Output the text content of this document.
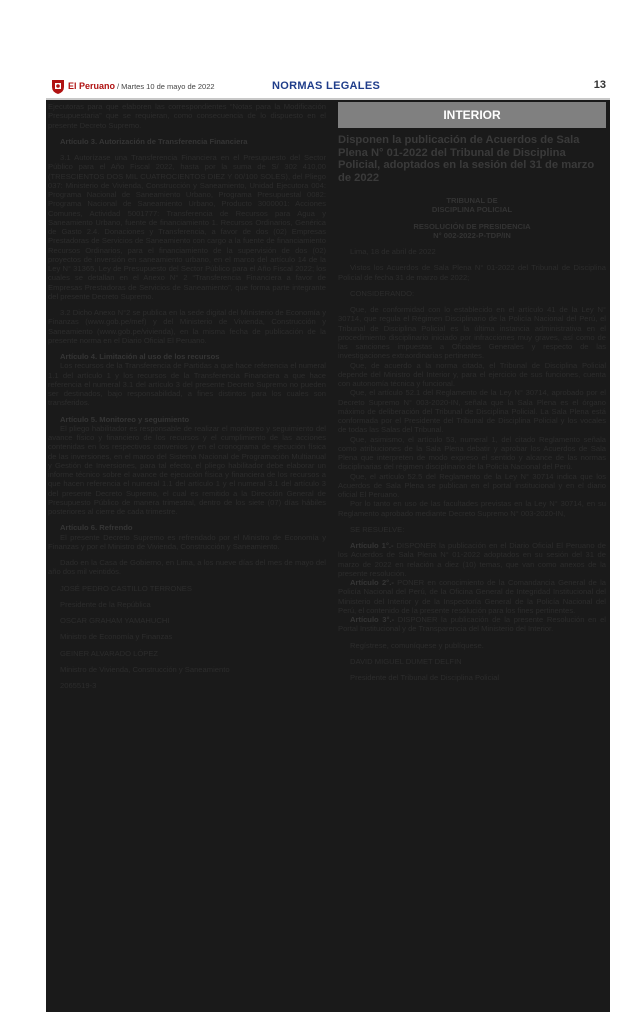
El Peruano / Martes 10 de mayo de 2022	NORMAS LEGALES	13

Ejecutoras para que elaboren las correspondientes “Notas para la Modificación Presupuestaria” que se requieran, como consecuencia de lo dispuesto en el presente Decreto Supremo.

Artículo 3. Autorización de Transferencia Financiera

3.1 Autorízase una Transferencia Financiera en el Presupuesto del Sector Público para el Año Fiscal 2022, hasta por la suma de S/ 302 410,00 (TRESCIENTOS DOS MIL CUATROCIENTOS DIEZ Y 00/100 SOLES), del Pliego 037: Ministerio de Vivienda, Construcción y Saneamiento, Unidad Ejecutora 004: Programa Nacional de Saneamiento Urbano, Programa Presupuestal 0082: Programa Nacional de Saneamiento Urbano, Producto 3000001: Acciones Comunes, Actividad 5001777: Transferencia de Recursos para Agua y Saneamiento Urbano, fuente de financiamiento 1. Recursos Ordinarios, Genérica de Gasto 2.4. Donaciones y Transferencia, a favor de dos (02) Empresas Prestadoras de Servicios de Saneamiento con cargo a la fuente de financiamiento Recursos Ordinarios, para el financiamiento de la supervisión de dos (02) proyectos de inversión en saneamiento urbano, en el marco del artículo 14 de la Ley N° 31365, Ley de Presupuesto del Sector Público para el Año Fiscal 2022; los cuales se detallan en el Anexo N° 2 “Transferencia Financiera a favor de Empresas Prestadoras de Servicios de Saneamiento”, que forma parte integrante del presente Decreto Supremo.

3.2 Dicho Anexo N°2 se publica en la sede digital del Ministerio de Economía y Finanzas (www.gob.pe/mef) y del Ministerio de Vivienda, Construcción y Saneamiento (www.gob.pe/vivienda), en la misma fecha de publicación de la presente norma en el Diario Oficial El Peruano.

Artículo 4. Limitación al uso de los recursos

Los recursos de la Transferencia de Partidas a que hace referencia el numeral 1.1 del artículo 1 y los recursos de la Transferencia Financiera a que hace referencia el numeral 3.1 del artículo 3 del presente Decreto Supremo no pueden ser destinados, bajo responsabilidad, a fines distintos para los cuales son transferidos.

Artículo 5. Monitoreo y seguimiento

El pliego habilitador es responsable de realizar el monitoreo y seguimiento del avance físico y financiero de los recursos y el cumplimiento de las acciones contenidas en los respectivos convenios y en el cronograma de ejecución física de las inversiones, en el marco del Sistema Nacional de Programación Multianual y Gestión de Inversiones, para tal efecto, el pliego habilitador debe elaborar un informe técnico sobre el avance de ejecución física y financiera de los recursos a que hacen referencia el numeral 1.1 del artículo 1 y el numeral 3.1 del artículo 3 del presente Decreto Supremo, el cual es remitido a la Dirección General de Presupuesto Público de manera trimestral, dentro de los siete (07) días hábiles posteriores al cierre de cada trimestre.

Artículo 6. Refrendo

El presente Decreto Supremo es refrendado por el Ministro de Economía y Finanzas y por el Ministro de Vivienda, Construcción y Saneamiento.

Dado en la Casa de Gobierno, en Lima, a los nueve días del mes de mayo del año dos mil veintidós.

JOSÉ PEDRO CASTILLO TERRONES

Presidente de la República

OSCAR GRAHAM YAMAHUCHI

Ministro de Economía y Finanzas

GEINER ALVARADO LÓPEZ

Ministro de Vivienda, Construcción y Saneamiento

2065519-3

INTERIOR
Disponen la publicación de Acuerdos de Sala Plena N° 01-2022 del Tribunal de Disciplina Policial, adoptados en la sesión del 31 de marzo de 2022

TRIBUNAL DE

DISCIPLINA POLICIAL

RESOLUCIÓN DE PRESIDENCIA

N° 002-2022-P-TDP/IN

Lima, 18 de abril de 2022

Vistos los Acuerdos de Sala Plena N° 01-2022 del Tribunal de Disciplina Policial de fecha 31 de marzo de 2022;

CONSIDERANDO:

Que, de conformidad con lo establecido en el artículo 41 de la Ley N° 30714, que regula el Régimen Disciplinario de la Policía Nacional del Perú, el Tribunal de Disciplina Policial es la última instancia administrativa en el procedimiento disciplinario iniciado por infracciones muy graves, así como de las sanciones impuestas a Oficiales Generales y respecto de las investigaciones extraordinarias pertinentes.

Que, de acuerdo a la norma citada, el Tribunal de Disciplina Policial depende del Ministro del Interior y, para el ejercicio de sus funciones, cuenta con autonomía técnica y funcional.

Que, el artículo 52.1 del Reglamento de la Ley N° 30714, aprobado por el Decreto Supremo N° 003-2020-IN, señala que la Sala Plena es el órgano máximo de deliberación del Tribunal de Disciplina Policial. La Sala Plena está conformada por el Presidente del Tribunal de Disciplina Policial y los vocales de todas las Salas del Tribunal.

Que, asimismo, el artículo 53, numeral 1, del citado Reglamento señala como atribuciones de la Sala Plena debatir y aprobar los Acuerdos de Sala Plena que interpreten de modo expreso el sentido y alcance de las normas disciplinarias del régimen disciplinario de la Policía Nacional del Perú.

Que, el artículo 52.5 del Reglamento de la Ley N° 30714 indica que los Acuerdos de Sala Plena se publican en el portal institucional y en el diario oficial El Peruano.

Por lo tanto en uso de las facultades previstas en la Ley N° 30714, en su Reglamento aprobado mediante Decreto Supremo N° 003-2020-IN,

SE RESUELVE:

Artículo 1°.- DISPONER la publicación en el Diario Oficial El Peruano de los Acuerdos de Sala Plena N° 01-2022 adoptados en su sesión del 31 de marzo de 2022 en relación a diez (10) temas, que van como anexos de la presente resolución.

Artículo 2°.- PONER en conocimiento de la Comandancia General de la Policía Nacional del Perú, de la Oficina General de Integridad Institucional del Ministerio del Interior y de la Inspectoría General de la Policía Nacional del Perú, el contenido de la presente resolución para los fines pertinentes.

Artículo 3°.- DISPONER la publicación de la presente Resolución en el Portal Institucional y de Transparencia del Ministerio del Interior.

Regístrese, comuníquese y publíquese.

DAVID MIGUEL DUMET DELFIN

Presidente del Tribunal de Disciplina Policial
